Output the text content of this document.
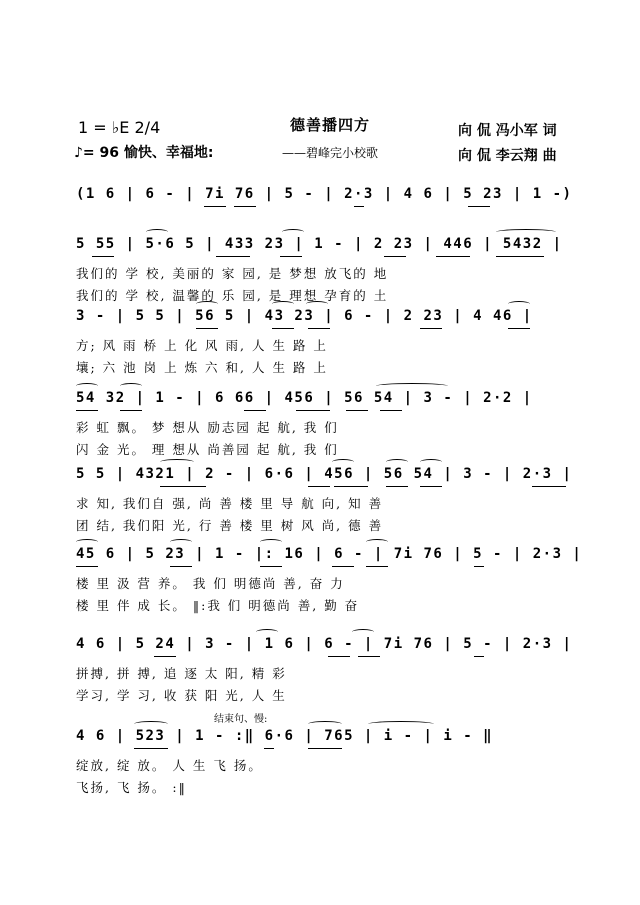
1 = ♭E 2/4	德善播四方	向 侃 冯小军 词
♪= 96 愉快、幸福地:	——碧峰完小校歌	向 侃 李云翔 曲
(1 6 | 6 - | 7i 76 | 5 - | 2·3 | 4 6 | 5 23 | 1 -)
5 55 | 5·6 5 | 433 23 | 1 - | 2 23 | 446 | 5432 |
我们的 学 校, 美丽的 家 园, 是 梦想 放飞的 地
我们的 学 校, 温馨的 乐 园, 是 理想 孕育的 土
3 - | 5 5 | 56 5 | 43 23 | 6 - | 2 23 | 4 46 |
方; 风 雨 桥 上 化 风 雨, 人 生 路 上
壤; 六 池 岗 上 炼 六 和, 人 生 路 上
54 32 | 1 - | 6 66 | 456 | 56 54 | 3 - | 2·2 |
彩 虹 飘。 梦 想从 励志园 起 航, 我 们
闪 金 光。 理 想从 尚善园 起 航, 我 们
5 5 | 4321 | 2 - | 6·6 | 456 | 56 54 | 3 - | 2·3 |
求 知, 我们自 强, 尚 善 楼 里 导 航 向, 知 善
团 结, 我们阳 光, 行 善 楼 里 树 风 尚, 德 善
45 6 | 5 23 | 1 - |: 16 | 6 - | 7i 76 | 5 - | 2·3 |
楼 里 汲 营 养。 我 们 明德尚 善, 奋 力
楼 里 伴 成 长。 ‖:我 们 明德尚 善, 勤 奋
4 6 | 5 24 | 3 - | 1 6 | 6 - | 7i 76 | 5 - | 2·3 |
拼搏, 拼 搏, 追 逐 太 阳, 精 彩
学习, 学 习, 收 获 阳 光, 人 生
结束句、慢:
4 6 | 523 | 1 - :‖ 6·6 | 765 | i - | i - ‖
绽放, 绽 放。 人 生 飞 扬。
飞扬, 飞 扬。 :‖
